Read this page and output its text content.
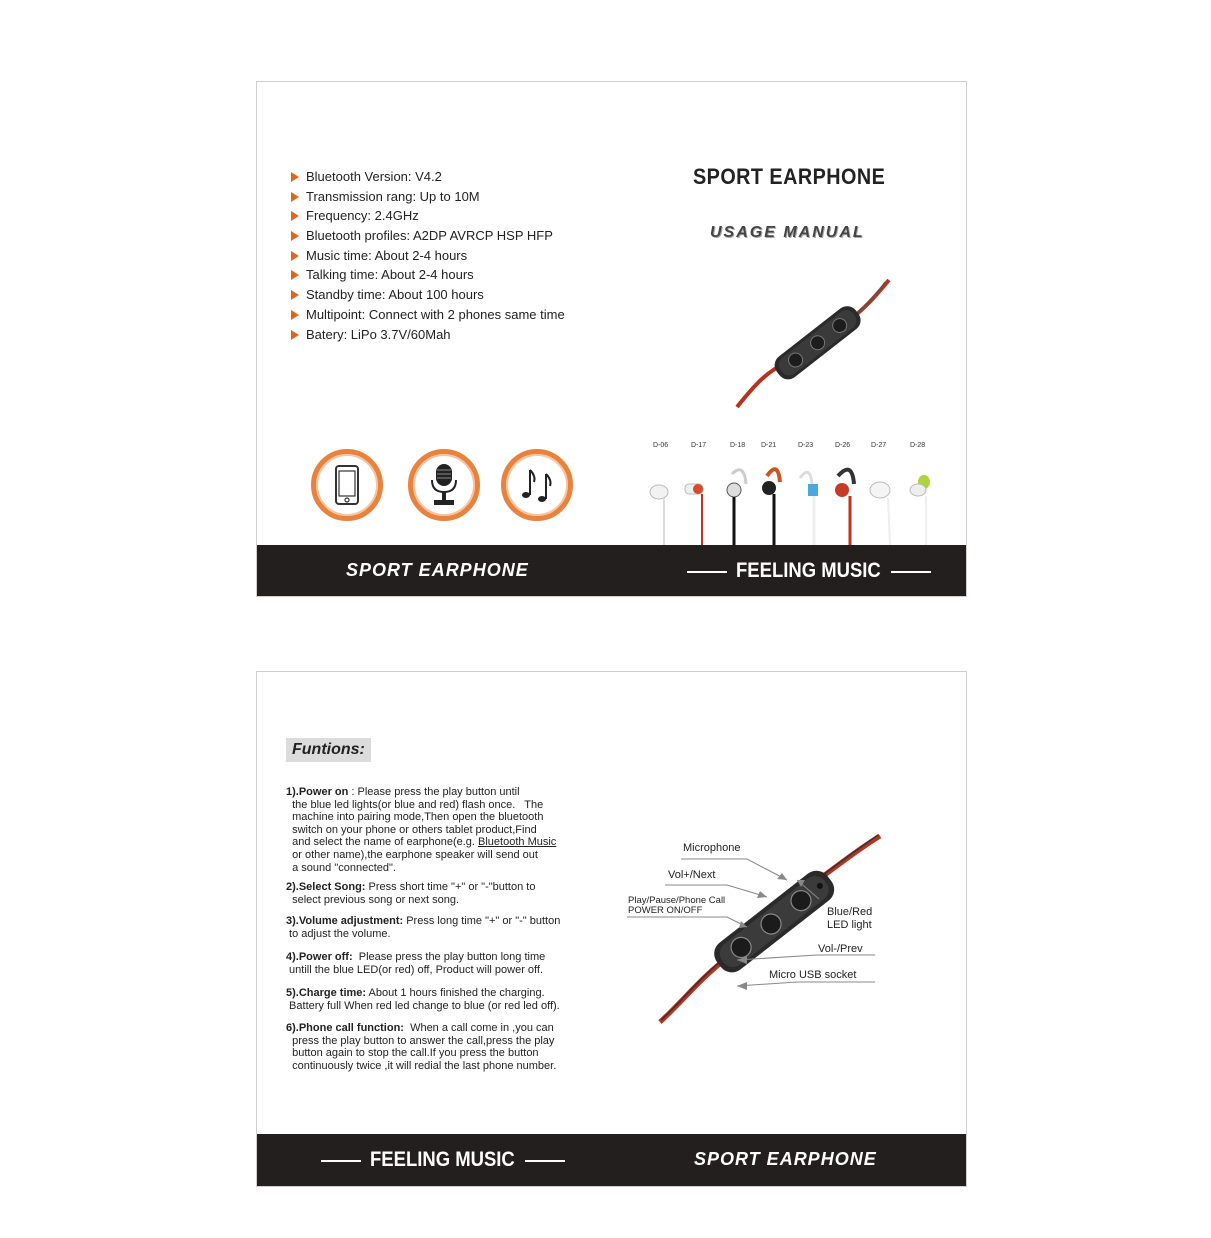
Bluetooth Version: V4.2
Transmission rang: Up to 10M
Frequency: 2.4GHz
Bluetooth profiles: A2DP AVRCP HSP HFP
Music time: About 2-4 hours
Talking time: About 2-4 hours
Standby time: About 100 hours
Multipoint: Connect with 2 phones same time
Batery: LiPo 3.7V/60Mah
SPORT EARPHONE
USAGE MANUAL
D-06	D-17	D-18 D-21	D-23	D-26	D-27	D-28
SPORT EARPHONE	FEELING MUSIC
Funtions:
1).Power on : Please press the play button until
the blue led lights(or blue and red) flash once.   The
machine into pairing mode,Then open the bluetooth
switch on your phone or others tablet product,Find
and select the name of earphone(e.g. Bluetooth Music
or other name),the earphone speaker will send out
a sound "connected".
2).Select Song: Press short time "+" or "-"button to
select previous song or next song.
3).Volume adjustment: Press long time "+" or "-" button
to adjust the volume.
4).Power off:  Please press the play button long time
untill the blue LED(or red) off, Product will power off.
5).Charge time: About 1 hours finished the charging.
Battery full When red led change to blue (or red led off).
6).Phone call function:  When a call come in ,you can
press the play button to answer the call,press the play
button again to stop the call.If you press the button
continuously twice ,it will redial the last phone number.
Microphone
Vol+/Next
Play/Pause/Phone Call
POWER ON/OFF	Blue/Red
LED light
Vol-/Prev
Micro USB socket
FEELING MUSIC	SPORT EARPHONE
